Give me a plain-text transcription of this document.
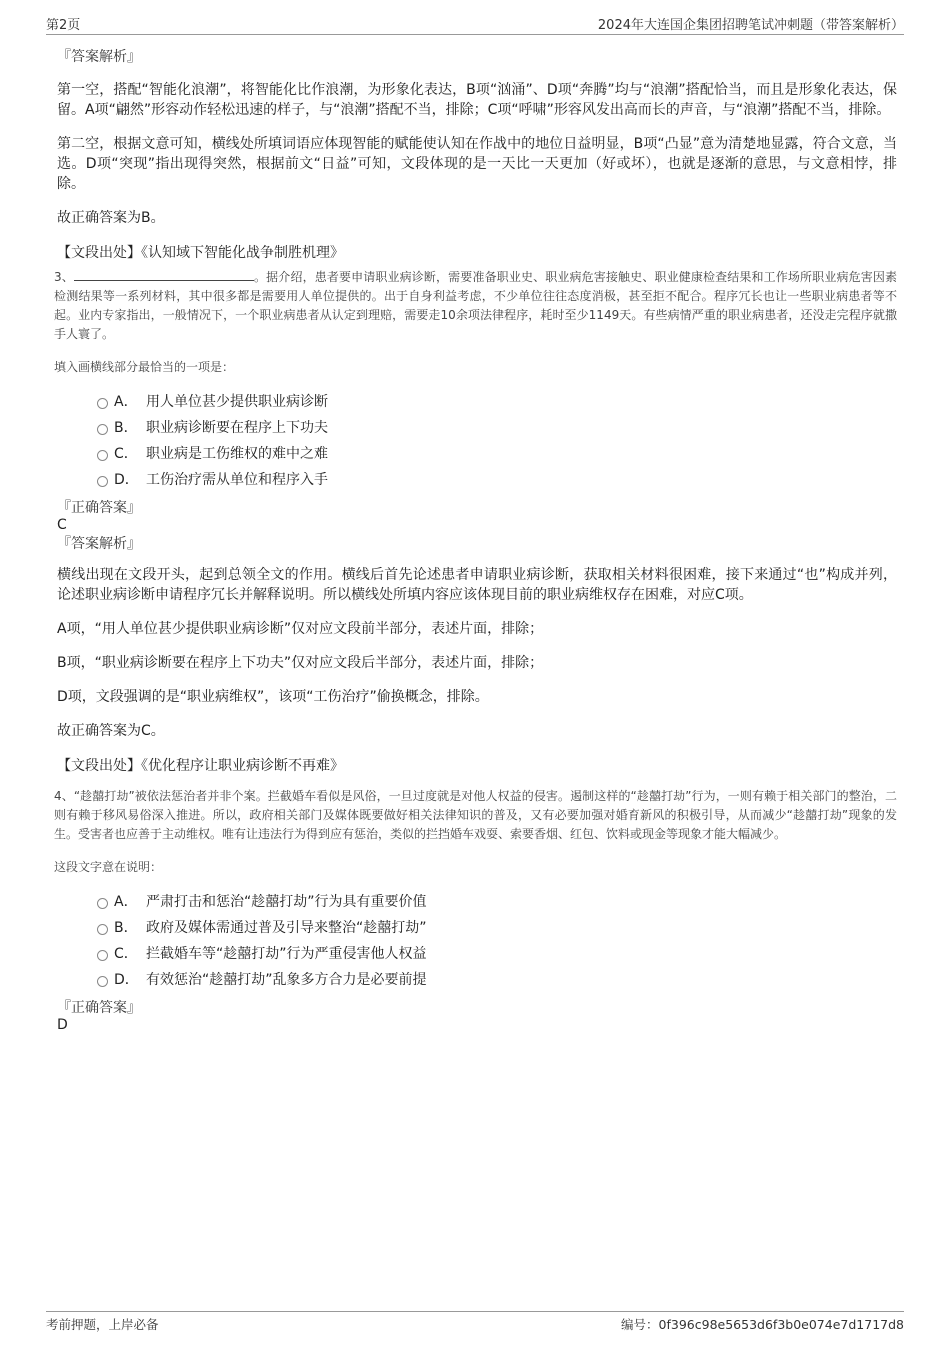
第2页	2024年大连国企集团招聘笔试冲刺题（带答案解析）

『答案解析』

第一空，搭配“智能化浪潮”，将智能化比作浪潮，为形象化表达，B项“汹涌”、D项“奔腾”均与“浪潮”搭配恰当，而且是形象化表达，保留。A项“翩然”形容动作轻松迅速的样子，与“浪潮”搭配不当，排除；C项“呼啸”形容风发出高而长的声音，与“浪潮”搭配不当，排除。

第二空，根据文意可知，横线处所填词语应体现智能的赋能使认知在作战中的地位日益明显，B项“凸显”意为清楚地显露，符合文意，当选。D项“突现”指出现得突然，根据前文“日益”可知，文段体现的是一天比一天更加（好或坏），也就是逐渐的意思，与文意相悖，排除。

故正确答案为B。

【文段出处】《认知域下智能化战争制胜机理》

3、	。据介绍，患者要申请职业病诊断，需要准备职业史、职业病危害接触史、职业健康检查结果和工作场所职业病危害因素检测结果等一系列材料，其中很多都是需要用人单位提供的。出于自身利益考虑，不少单位往往态度消极，甚至拒不配合。程序冗长也让一些职业病患者等不起。业内专家指出，一般情况下，一个职业病患者从认定到理赔，需要走10余项法律程序，耗时至少1149天。有些病情严重的职业病患者，还没走完程序就撒手人寰了。

填入画横线部分最恰当的一项是：

A． 用人单位甚少提供职业病诊断
B． 职业病诊断要在程序上下功夫
C． 职业病是工伤维权的难中之难
D． 工伤治疗需从单位和程序入手

『正确答案』

C

『答案解析』

横线出现在文段开头，起到总领全文的作用。横线后首先论述患者申请职业病诊断，获取相关材料很困难，接下来通过“也”构成并列，论述职业病诊断申请程序冗长并解释说明。所以横线处所填内容应该体现目前的职业病维权存在困难，对应C项。

A项，“用人单位甚少提供职业病诊断”仅对应文段前半部分，表述片面，排除；

B项，“职业病诊断要在程序上下功夫”仅对应文段后半部分，表述片面，排除；

D项，文段强调的是“职业病维权”，该项“工伤治疗”偷换概念，排除。

故正确答案为C。

【文段出处】《优化程序让职业病诊断不再难》

4、“趁囍打劫”被依法惩治者并非个案。拦截婚车看似是风俗，一旦过度就是对他人权益的侵害。遏制这样的“趁囍打劫”行为，一则有赖于相关部门的整治，二则有赖于移风易俗深入推进。所以，政府相关部门及媒体既要做好相关法律知识的普及，又有必要加强对婚育新风的积极引导，从而减少“趁囍打劫”现象的发生。受害者也应善于主动维权。唯有让违法行为得到应有惩治，类似的拦挡婚车戏耍、索要香烟、红包、饮料或现金等现象才能大幅减少。

这段文字意在说明：

A． 严肃打击和惩治“趁囍打劫”行为具有重要价值
B． 政府及媒体需通过普及引导来整治“趁囍打劫”
C． 拦截婚车等“趁囍打劫”行为严重侵害他人权益
D． 有效惩治“趁囍打劫”乱象多方合力是必要前提

『正确答案』

D

考前押题，上岸必备	编号：0f396c98e5653d6f3b0e074e7d1717d8
